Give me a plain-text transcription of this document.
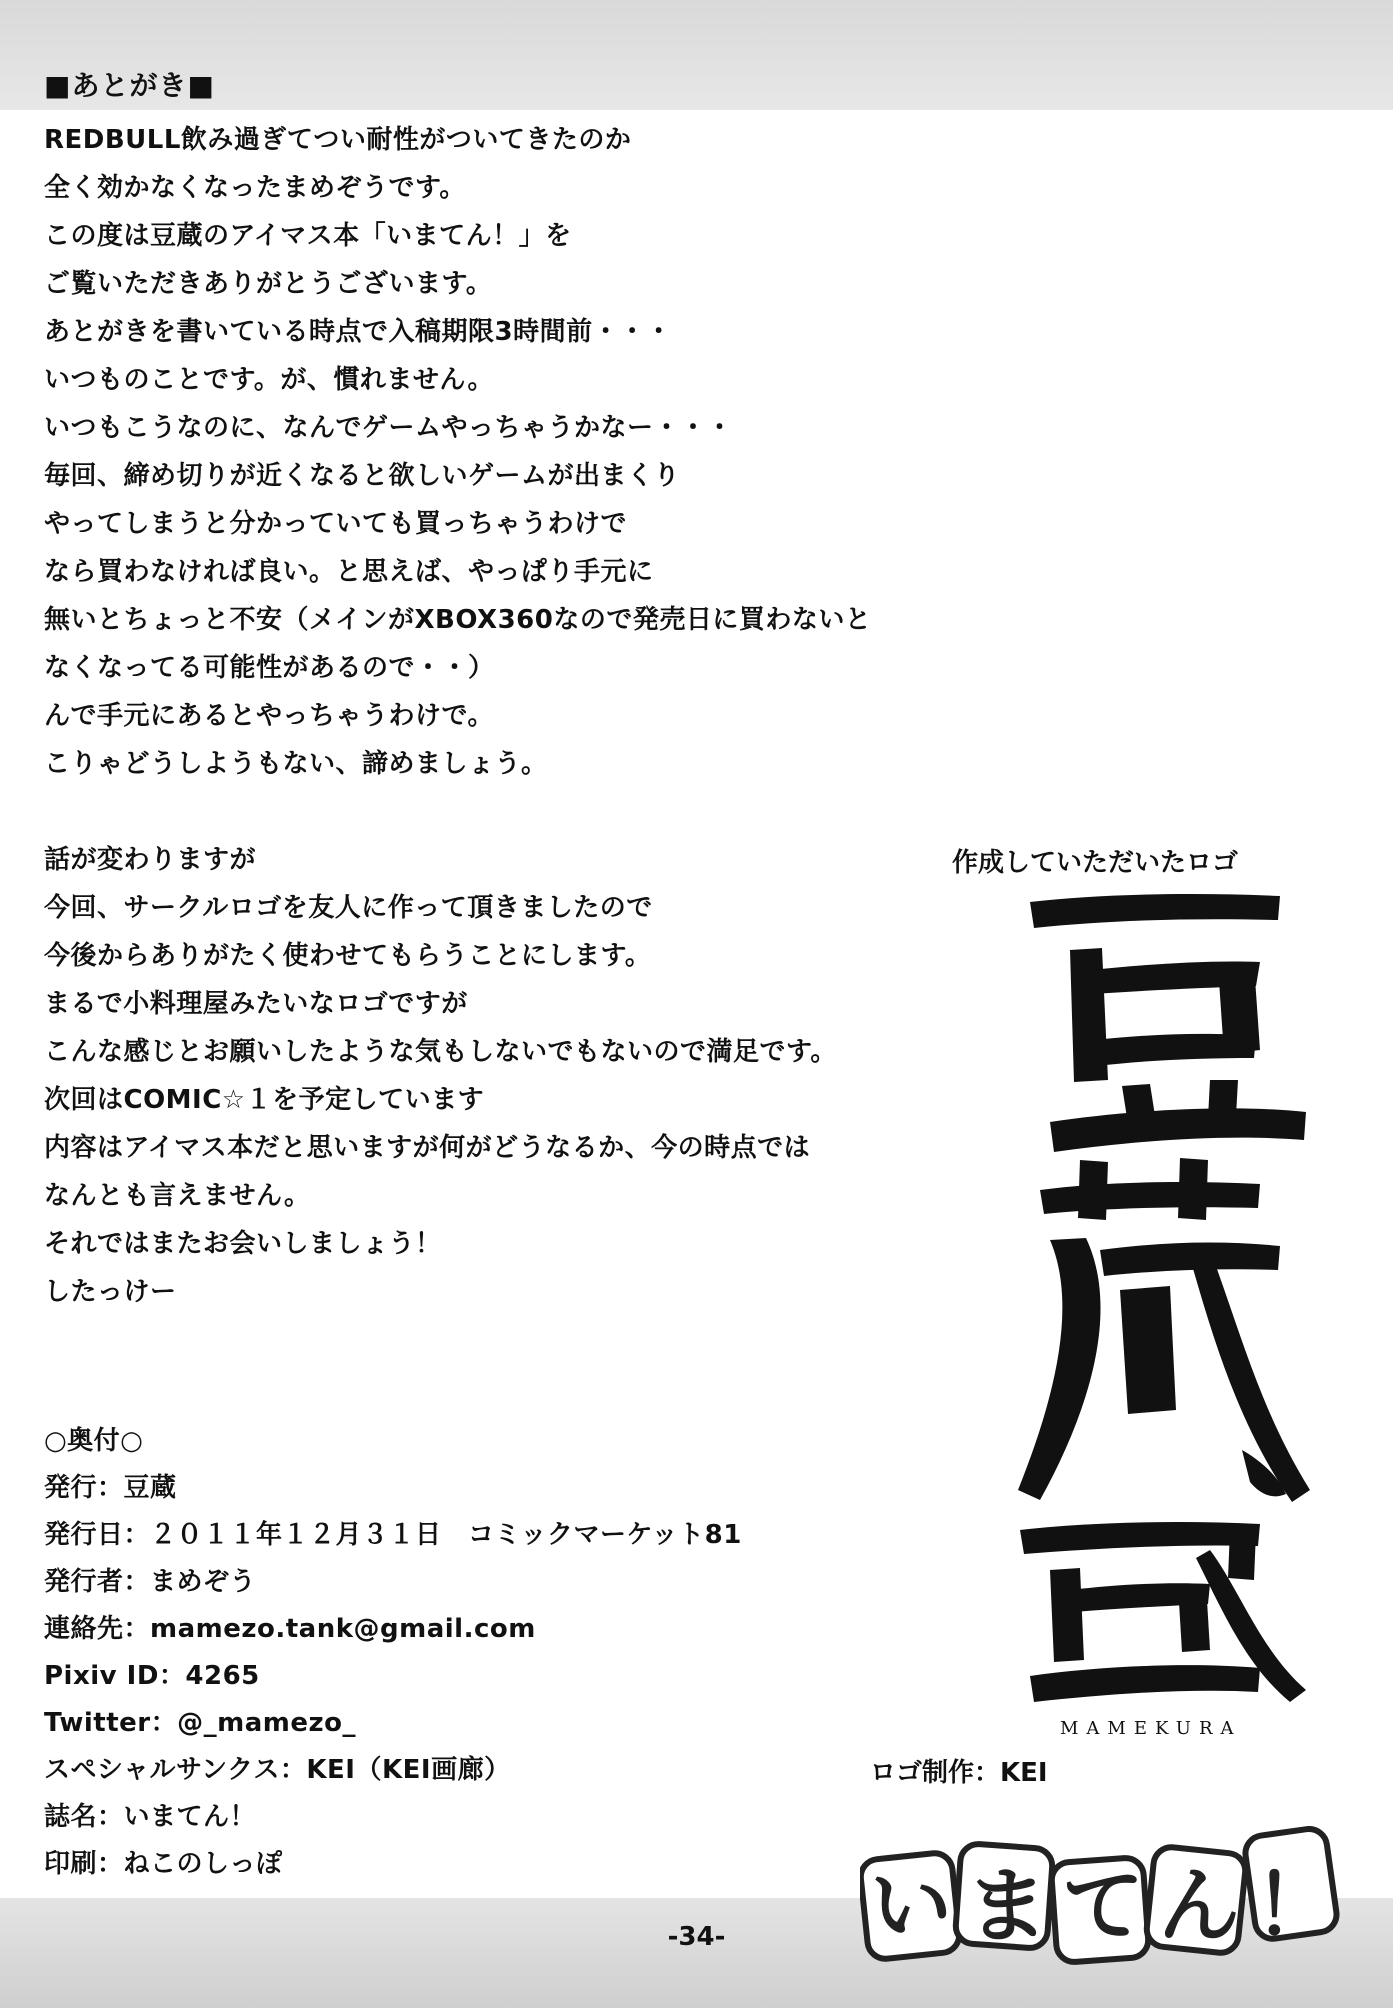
■あとがき■
REDBULL飲み過ぎてつい耐性がついてきたのか
全く効かなくなったまめぞうです。
この度は豆蔵のアイマス本「いまてん！」を
ご覧いただきありがとうございます。
あとがきを書いている時点で入稿期限3時間前・・・
いつものことです。が、慣れません。
いつもこうなのに、なんでゲームやっちゃうかなー・・・
毎回、締め切りが近くなると欲しいゲームが出まくり
やってしまうと分かっていても買っちゃうわけで
なら買わなければ良い。と思えば、やっぱり手元に
無いとちょっと不安（メインがXBOX360なので発売日に買わないと
なくなってる可能性があるので・・）
んで手元にあるとやっちゃうわけで。
こりゃどうしようもない、諦めましょう。
話が変わりますが
今回、サークルロゴを友人に作って頂きましたので
今後からありがたく使わせてもらうことにします。
まるで小料理屋みたいなロゴですが
こんな感じとお願いしたような気もしないでもないので満足です。
次回はCOMIC☆１を予定しています
内容はアイマス本だと思いますが何がどうなるか、今の時点では
なんとも言えません。
それではまたお会いしましょう！
したっけー
○奥付○
発行：豆蔵
発行日：２０１１年１２月３１日　コミックマーケット81
発行者：まめぞう
連絡先：mamezo.tank@gmail.com
Pixiv ID：4265
Twitter：@_mamezo_
スペシャルサンクス：KEI（KEI画廊）
誌名：いまてん！
印刷：ねこのしっぽ
作成していただいたロゴ
MAMEKURA
ロゴ制作：KEI
いまてん！
-34-
